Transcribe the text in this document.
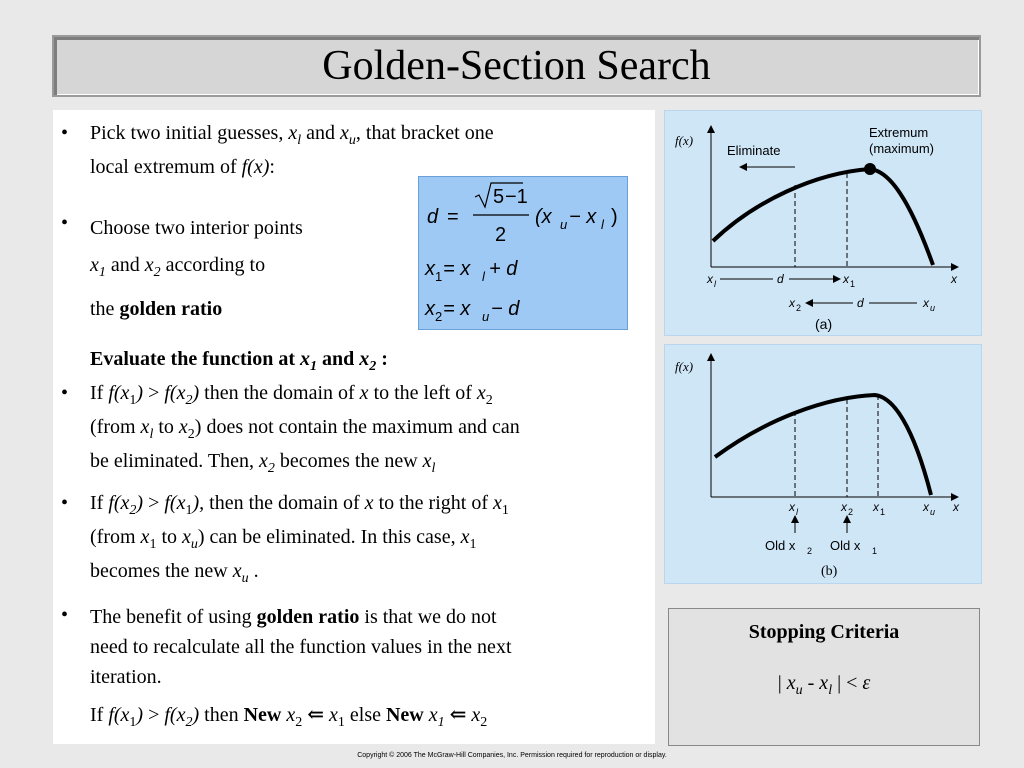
Golden-Section Search
• Pick two initial guesses, $x_l$ and $x_u$, that bracket one
local extremum of f(x):
• Choose two interior points
$x_1$ and $x_2$ according to
the golden ratio
Evaluate the function at $x_1$ and $x_2$ :
• If $f(x_1) > f(x_2)$ then the domain of x to the left of $x_2$
(from $x_l$ to $x_2$) does not contain the maximum and can
be eliminated. Then, $x_2$ becomes the new $x_l$
• If $f(x_2) > f(x_1)$, then the domain of x to the right of $x_1$
(from $x_1$ to $x_u$) can be eliminated. In this case, $x_1$
becomes the new $x_u$ .
• The benefit of using golden ratio is that we do not
need to recalculate all the function values in the next
iteration.
If $f(x_1) > f(x_2)$ then New $x_2$ ⇐ $x_1$ else New $x_1$ ⇐ $x_2$
d =
5 −1
2
(x u − x l )
x 1 = x l + d
x 2 = x u − d
f(x)
Eliminate
Extremum
(maximum)
x l	d	x 1	x
x 2	d	x u
(a)
f(x)
x l	x 2 x 1	x u x
Old x 2 Old x 1
(b)
Stopping Criteria
| $x_u - x_l$ | < ε
Copyright © 2006 The McGraw-Hill Companies, Inc. Permission required for reproduction or display.
